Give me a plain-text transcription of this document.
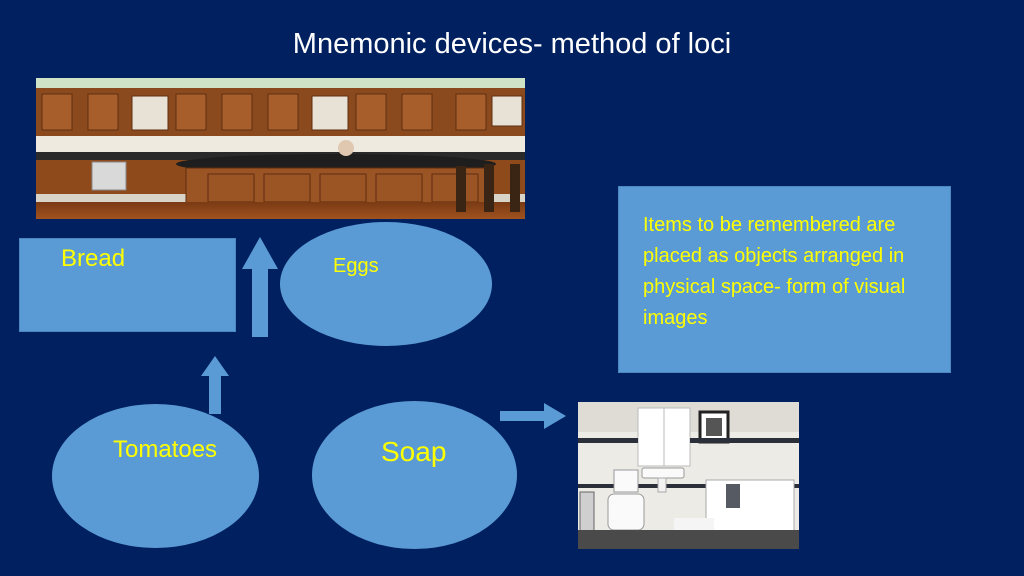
Mnemonic devices- method of loci
Bread	Eggs
Items to be remembered are placed as objects arranged in physical space- form of visual images
Tomatoes	Soap
